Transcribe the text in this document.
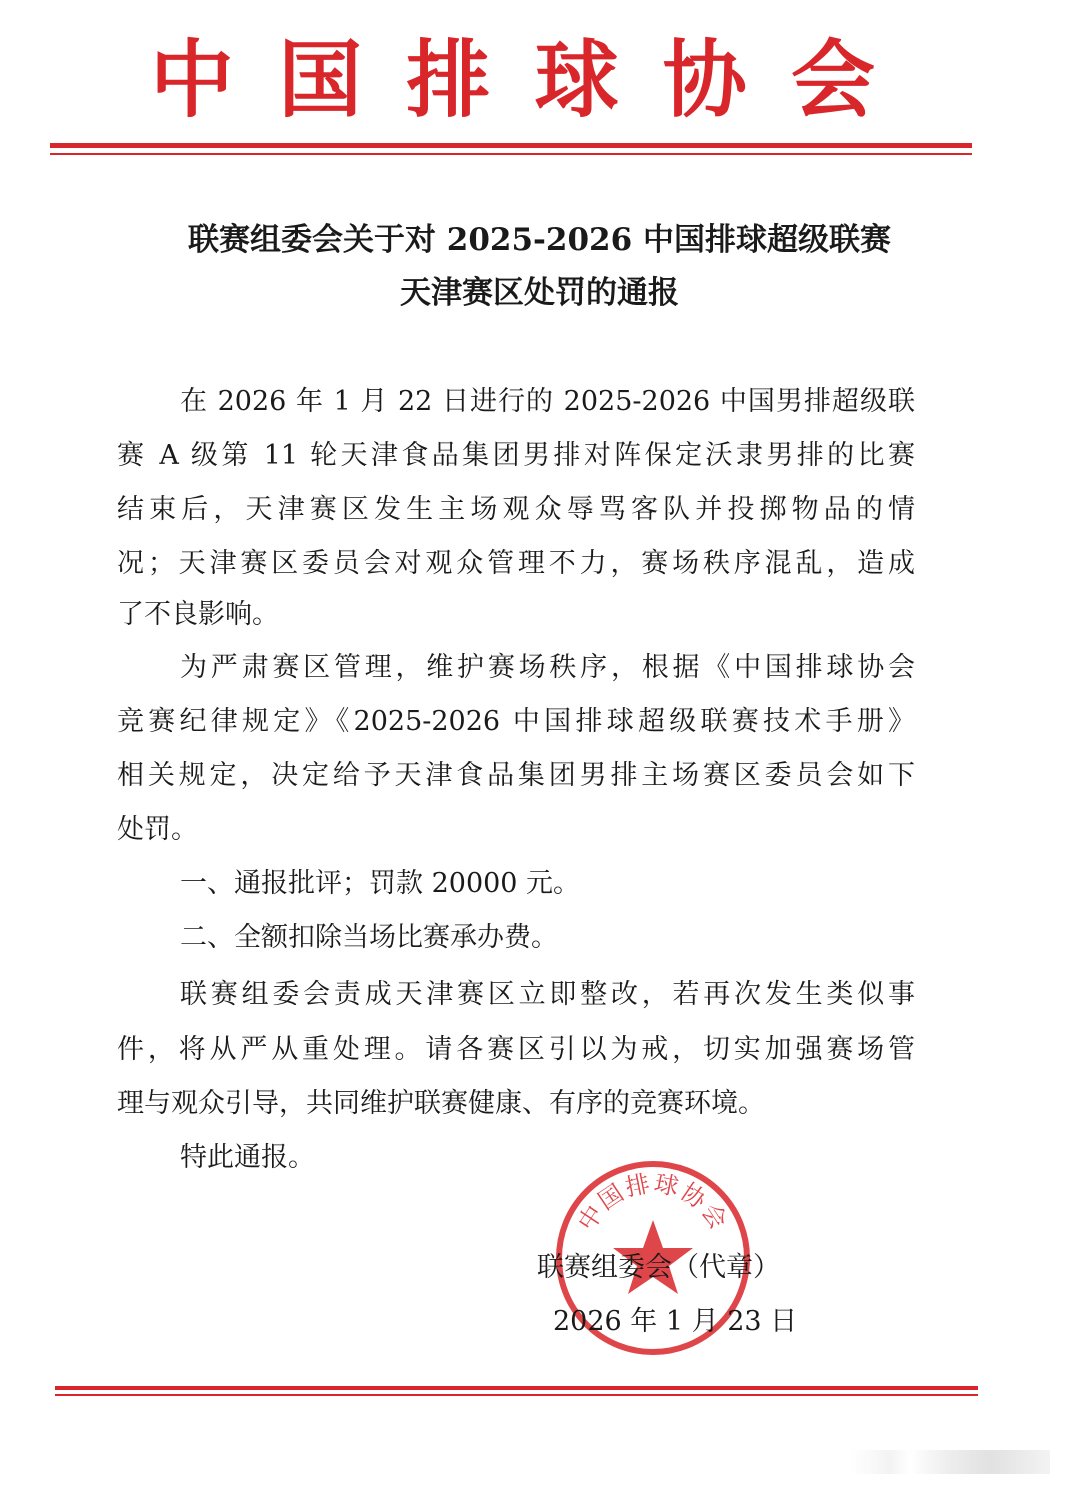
中 国 排 球 协 会
联赛组委会关于对 2025-2026 中国排球超级联赛
天津赛区处罚的通报
在 2026 年 1 月 22 日进行的 2025-2026 中国男排超级联
赛 A 级第 11 轮天津食品集团男排对阵保定沃隶男排的比赛
结束后，天津赛区发生主场观众辱骂客队并投掷物品的情
况；天津赛区委员会对观众管理不力，赛场秩序混乱，造成
了不良影响。
为严肃赛区管理，维护赛场秩序，根据《中国排球协会
竞赛纪律规定》《2025-2026 中国排球超级联赛技术手册》
相关规定，决定给予天津食品集团男排主场赛区委员会如下
处罚。
一、通报批评；罚款 20000 元。
二、全额扣除当场比赛承办费。
联赛组委会责成天津赛区立即整改，若再次发生类似事
件，将从严从重处理。请各赛区引以为戒，切实加强赛场管
理与观众引导，共同维护联赛健康、有序的竞赛环境。
特此通报。
中国排球协会
联赛组委会（代章）
2026 年 1 月 23 日
